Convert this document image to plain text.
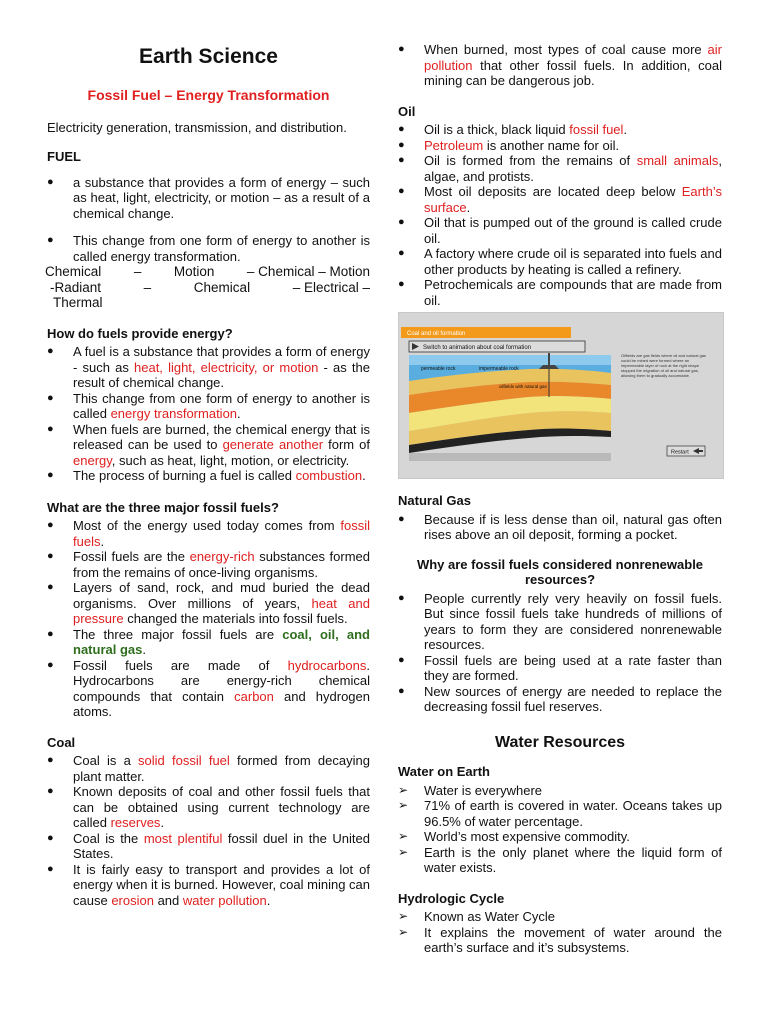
Earth Science
Fossil Fuel – Energy Transformation

Electricity generation, transmission, and distribution.

FUEL
● a substance that provides a form of energy – such as heat, light, electricity, or motion – as a result of a chemical change.
● This change from one form of energy to another is called energy transformation.
Chemical – Motion – Chemical – Motion
-Radiant	–	Chemical	– Electrical –
Thermal
How do fuels provide energy?
● A fuel is a substance that provides a form of energy - such as heat, light, electricity, or motion - as the result of chemical change.
● This change from one form of energy to another is called energy transformation.
● When fuels are burned, the chemical energy that is released can be used to generate another form of energy, such as heat, light, motion, or electricity.
● The process of burning a fuel is called combustion.
What are the three major fossil fuels?
● Most of the energy used today comes from fossil fuels.
● Fossil fuels are the energy-rich substances formed from the remains of once-living organisms.
● Layers of sand, rock, and mud buried the dead organisms. Over millions of years, heat and pressure changed the materials into fossil fuels.
● The three major fossil fuels are coal, oil, and natural gas.
● Fossil fuels are made of hydrocarbons. Hydrocarbons are energy-rich chemical compounds that contain carbon and hydrogen atoms.
Coal
● Coal is a solid fossil fuel formed from decaying plant matter.
● Known deposits of coal and other fossil fuels that can be obtained using current technology are called reserves.
● Coal is the most plentiful fossil duel in the United States.
● It is fairly easy to transport and provides a lot of energy when it is burned. However, coal mining can cause erosion and water pollution.
● When burned, most types of coal cause more air pollution that other fossil fuels. In addition, coal mining can be dangerous job.
Oil
● Oil is a thick, black liquid fossil fuel.
● Petroleum is another name for oil.
● Oil is formed from the remains of small animals, algae, and protists.
● Most oil deposits are located deep below Earth’s surface.
● Oil that is pumped out of the ground is called crude oil.
● A factory where crude oil is separated into fuels and other products by heating is called a refinery.
● Petrochemicals are compounds that are made from oil.
Coal and oil formation
Switch to animation about coal formation
permeable rock	impermeable rock
oilfields with natural gas
Oilfields are gas fields where oil and natural gas could be mined were formed where an impermeable layer of rock at the right shape stopped the migration of oil and natural gas, allowing them to gradually accumulate.
Restart
Natural Gas
● Because if is less dense than oil, natural gas often rises above an oil deposit, forming a pocket.
Why are fossil fuels considered nonrenewable resources?
● People currently rely very heavily on fossil fuels. But since fossil fuels take hundreds of millions of years to form they are considered nonrenewable resources.
● Fossil fuels are being used at a rate faster than they are formed.
● New sources of energy are needed to replace the decreasing fossil fuel reserves.
Water Resources
Water on Earth
➢ Water is everywhere
➢ 71% of earth is covered in water. Oceans takes up 96.5% of water percentage.
➢ World’s most expensive commodity.
➢ Earth is the only planet where the liquid form of water exists.
Hydrologic Cycle
➢ Known as Water Cycle
➢ It explains the movement of water around the earth’s surface and it’s subsystems.
